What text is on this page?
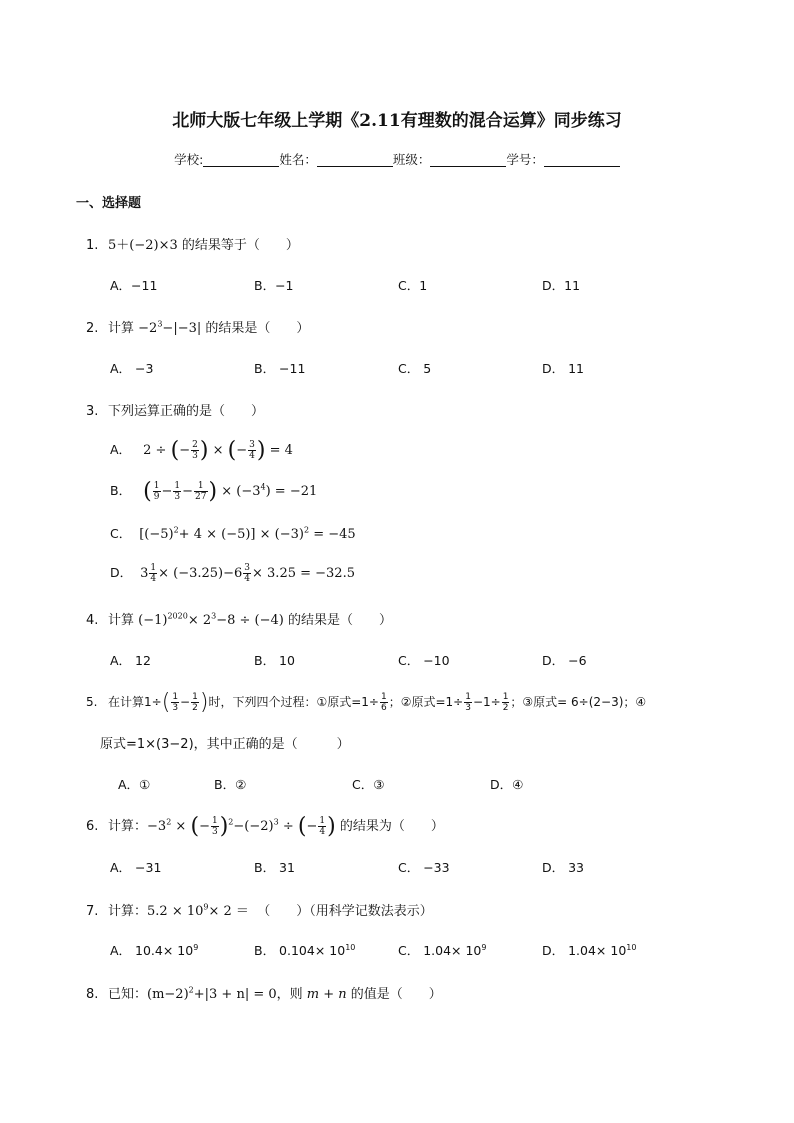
北师大版七年级上学期《2.11有理数的混合运算》同步练习
学校:	姓名：	班级：	学号：
一、选择题
1. 5＋(−2)×3 的结果等于（　　）
A．−11	B．−1	C．1	D．11
2. 计算 $-2^3-|-3|$ 的结果是（　　）
A． −3	B． −11	C． 5	D． 11
3. 下列运算正确的是（　　）
A． 2 ÷ (− $\frac{2}{3}$ ) × (− $\frac{3}{4}$ ) = 4
B． ( $\frac{1}{9} - \frac{1}{3} - \frac{1}{27}$ ) × $(-3^4) = -21$
C． $[(-5)^2+ 4 \times (-5)] \times (-3)^2 = -45$
D． $3 \frac{1}{4} \times (-3.25)-6 \frac{3}{4} \times 3.25 = -32.5$
4. 计算 $(-1)^{2020}\times 2^3-8 \div (-4)$ 的结果是（　　）
A． 12	B． 10	C． −10	D． −6
5. 在计算$1\div( \frac{1}{3} - \frac{1}{2}$ )时，下列四个过程：①原式$=1\div \frac{1}{6}$ ；②原式$=1\div \frac{1}{3} -1\div \frac{1}{2}$ ；③原式= 6÷(2−3)；④
原式=1×(3−2)，其中正确的是（　　　）
A．①	B．②	C．③	D．④
6. 计算：$-3^2$ × (− $\frac{1}{3} )^2-(-2)^3$ ÷ (− $\frac{1}{4}$ ) 的结果为（　　）
A． −31	B． 31	C． −33	D． 33
7. 计算：$5.2 \times 10^9\times 2$ ＝ （　　）（用科学记数法表示）
A． $10.4\times 10^9$	B． $0.104\times 10^{10}$	C． $1.04\times 10^9$	D． $1.04\times 10^{10}$
8. 已知：$(m-2)^2+|3 + n| = 0$，则 m + n 的值是（　　）
